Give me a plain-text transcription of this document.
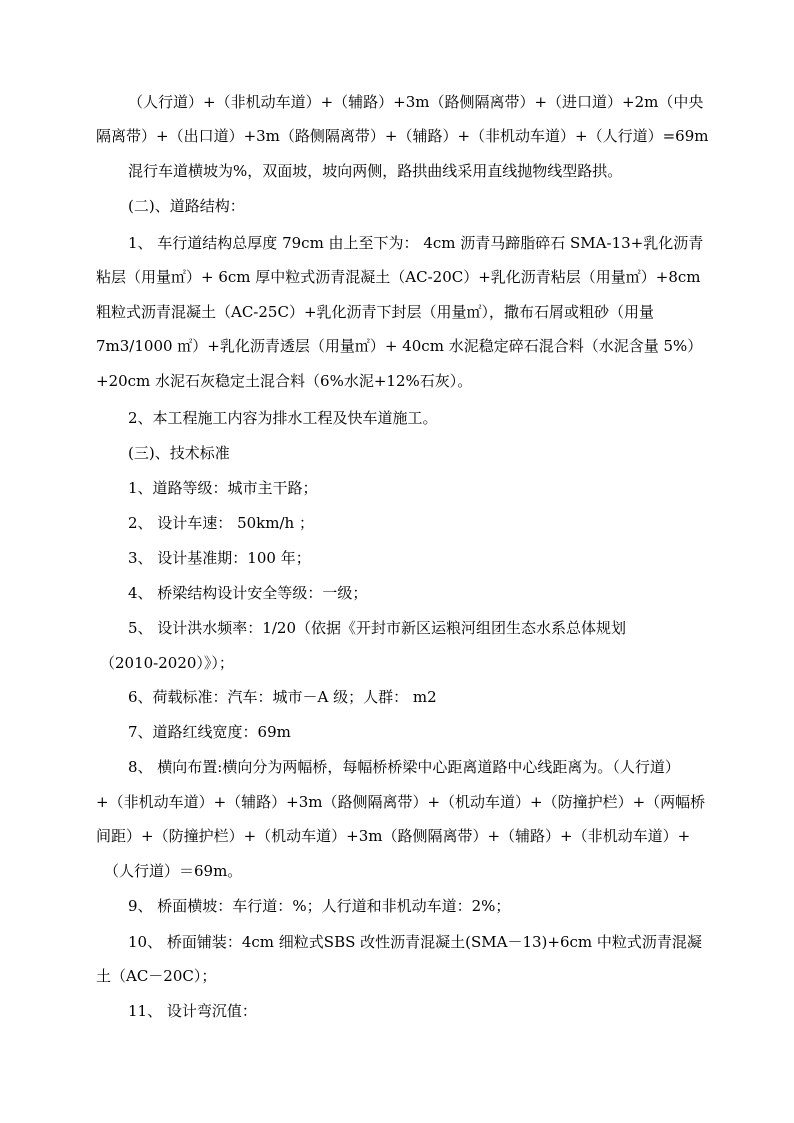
（人行道）+（非机动车道）+（辅路）+3m（路侧隔离带）+（进口道）+2m（中央
隔离带）+（出口道）+3m（路侧隔离带）+（辅路）+（非机动车道）+（人行道）=69m
混行车道横坡为%，双面坡，坡向两侧，路拱曲线采用直线抛物线型路拱。
(二)、道路结构：
1、 车行道结构总厚度 79cm 由上至下为： 4cm 沥青马蹄脂碎石 SMA-13+乳化沥青
粘层（用量㎡）+ 6cm 厚中粒式沥青混凝土（AC-20C）+乳化沥青粘层（用量㎡）+8cm
粗粒式沥青混凝土（AC-25C）+乳化沥青下封层（用量㎡），撒布石屑或粗砂（用量
7m3/1000 ㎡）+乳化沥青透层（用量㎡）+ 40cm 水泥稳定碎石混合料（水泥含量 5%）
+20cm 水泥石灰稳定土混合料（6%水泥+12%石灰）。
2、本工程施工内容为排水工程及快车道施工。
(三)、技术标准
1、道路等级：城市主干路；
2、 设计车速： 50km/h ；
3、 设计基准期：100 年；
4、 桥梁结构设计安全等级：一级；
5、 设计洪水频率：1/20（依据《开封市新区运粮河组团生态水系总体规划
（2010-2020）》）；
6、荷载标准：汽车：城市－A 级；人群： m2
7、道路红线宽度：69m
8、 横向布置:横向分为两幅桥，每幅桥桥梁中心距离道路中心线距离为。（人行道）
+（非机动车道）+（辅路）+3m（路侧隔离带）+（机动车道）+（防撞护栏）+（两幅桥
间距）+（防撞护栏）+（机动车道）+3m（路侧隔离带）+（辅路）+（非机动车道）+
（人行道）＝69m。
9、 桥面横坡：车行道：%；人行道和非机动车道：2%；
10、 桥面铺装：4cm 细粒式SBS 改性沥青混凝土(SMA－13)+6cm 中粒式沥青混凝
土（AC－20C）；
11、 设计弯沉值：
